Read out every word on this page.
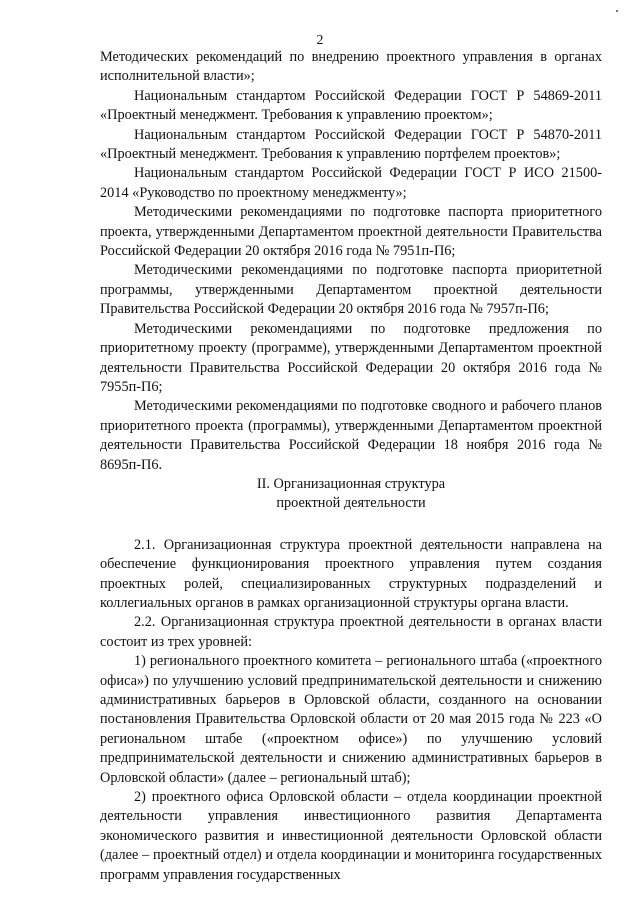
2

Методических рекомендаций по внедрению проектного управления в органах исполнительной власти»;

Национальным стандартом Российской Федерации ГОСТ Р 54869-2011 «Проектный менеджмент. Требования к управлению проектом»;

Национальным стандартом Российской Федерации ГОСТ Р 54870-2011 «Проектный менеджмент. Требования к управлению портфелем проектов»;

Национальным стандартом Российской Федерации ГОСТ Р ИСО 21500-2014 «Руководство по проектному менеджменту»;

Методическими рекомендациями по подготовке паспорта приоритетного проекта, утвержденными Департаментом проектной деятельности Правительства Российской Федерации 20 октября 2016 года № 7951п-П6;

Методическими рекомендациями по подготовке паспорта приоритетной программы, утвержденными Департаментом проектной деятельности Правительства Российской Федерации 20 октября 2016 года № 7957п-П6;

Методическими рекомендациями по подготовке предложения по приоритетному проекту (программе), утвержденными Департаментом проектной деятельности Правительства Российской Федерации 20 октября 2016 года № 7955п-П6;

Методическими рекомендациями по подготовке сводного и рабочего планов приоритетного проекта (программы), утвержденными Департаментом проектной деятельности Правительства Российской Федерации 18 ноября 2016 года № 8695п-П6.

II. Организационная структура

проектной деятельности

2.1. Организационная структура проектной деятельности направлена на обеспечение функционирования проектного управления путем создания проектных ролей, специализированных структурных подразделений и коллегиальных органов в рамках организационной структуры органа власти.

2.2. Организационная структура проектной деятельности в органах власти состоит из трех уровней:

1) регионального проектного комитета – регионального штаба («проектного офиса») по улучшению условий предпринимательской деятельности и снижению административных барьеров в Орловской области, созданного на основании постановления Правительства Орловской области от 20 мая 2015 года № 223 «О региональном штабе («проектном офисе») по улучшению условий предпринимательской деятельности и снижению административных барьеров в Орловской области» (далее – региональный штаб);

2) проектного офиса Орловской области – отдела координации проектной деятельности управления инвестиционного развития Департамента экономического развития и инвестиционной деятельности Орловской области (далее – проектный отдел) и отдела координации и мониторинга государственных программ управления государственных
